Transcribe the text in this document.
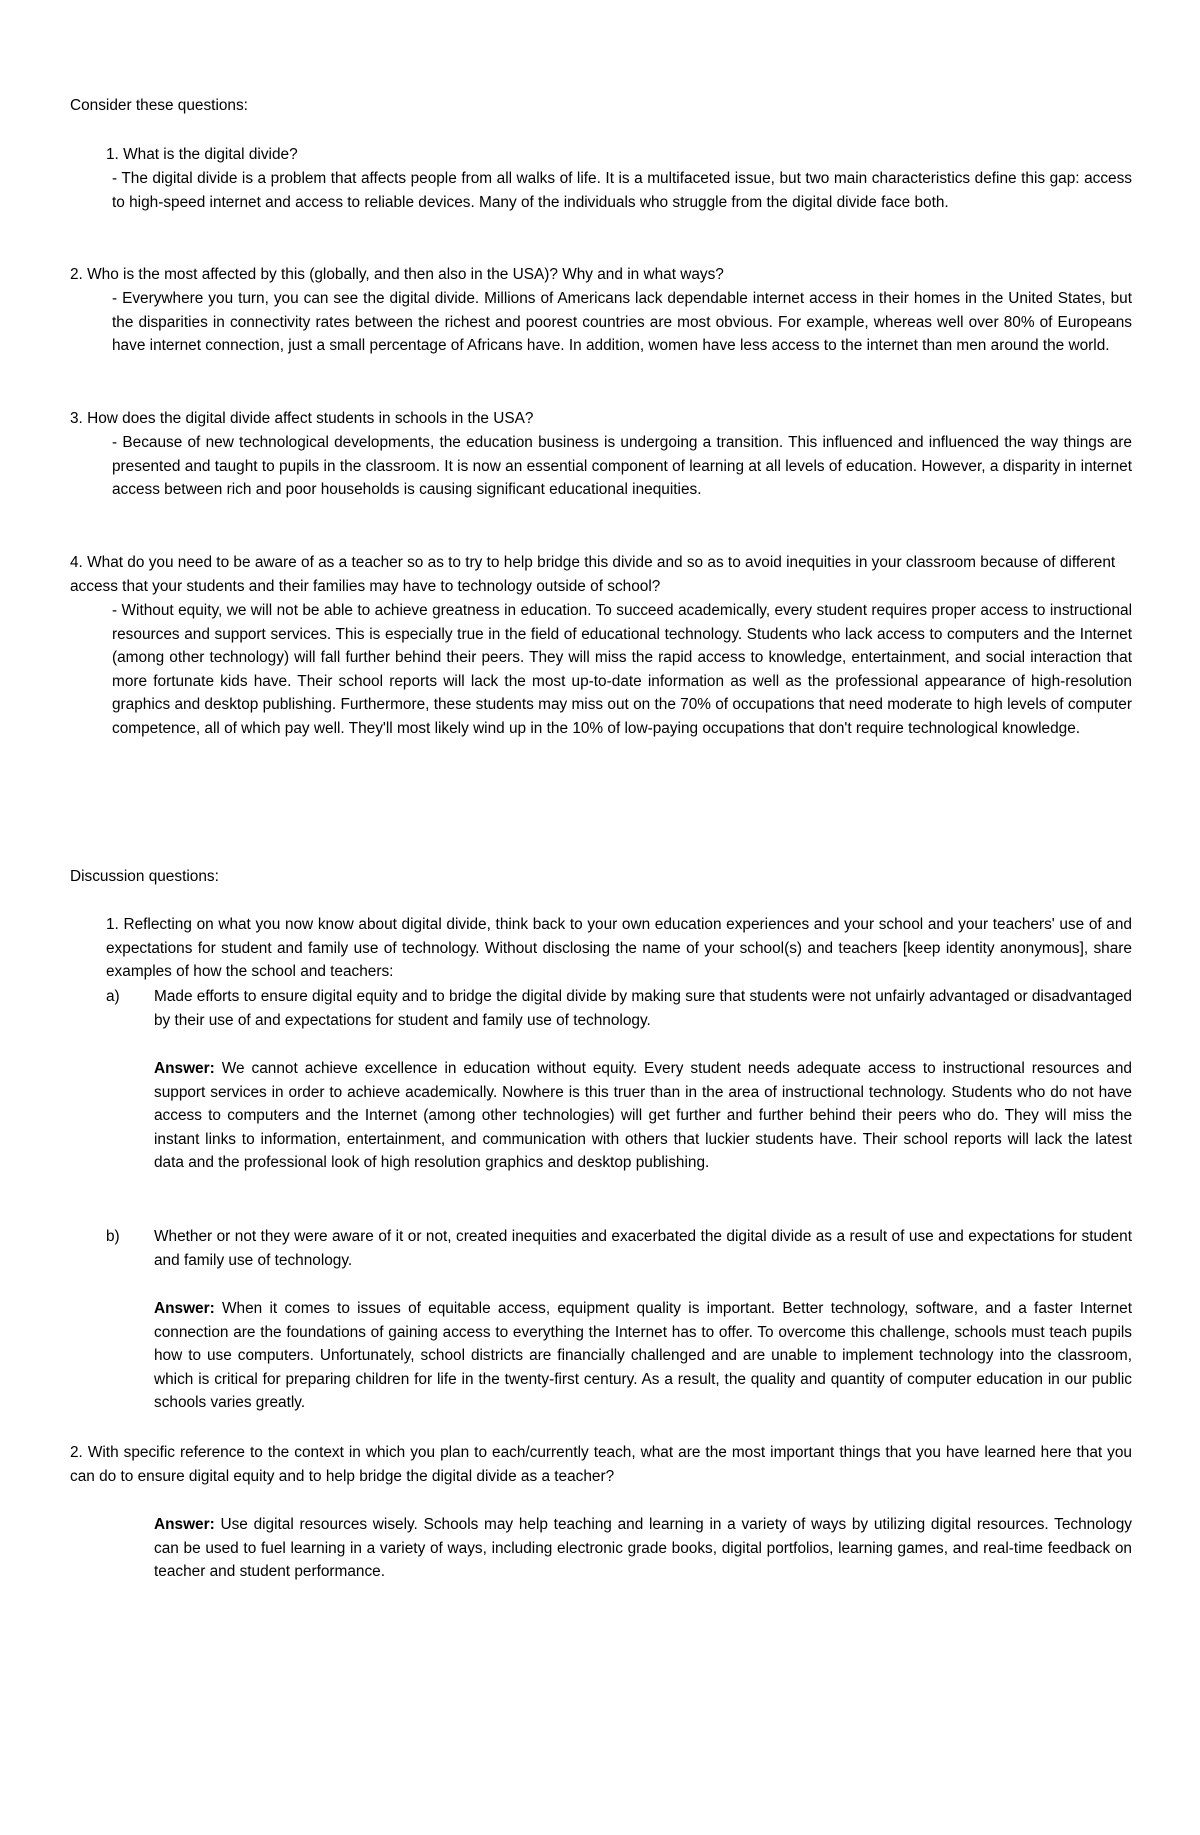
Consider these questions:

1. What is the digital divide?

- The digital divide is a problem that affects people from all walks of life. It is a multifaceted issue, but two main characteristics define this gap: access to high-speed internet and access to reliable devices. Many of the individuals who struggle from the digital divide face both.

2. Who is the most affected by this (globally, and then also in the USA)? Why and in what ways?

- Everywhere you turn, you can see the digital divide. Millions of Americans lack dependable internet access in their homes in the United States, but the disparities in connectivity rates between the richest and poorest countries are most obvious. For example, whereas well over 80% of Europeans have internet connection, just a small percentage of Africans have. In addition, women have less access to the internet than men around the world.

3. How does the digital divide affect students in schools in the USA?

- Because of new technological developments, the education business is undergoing a transition. This influenced and influenced the way things are presented and taught to pupils in the classroom. It is now an essential component of learning at all levels of education. However, a disparity in internet access between rich and poor households is causing significant educational inequities.

4. What do you need to be aware of as a teacher so as to try to help bridge this divide and so as to avoid inequities in your classroom because of different access that your students and their families may have to technology outside of school?

- Without equity, we will not be able to achieve greatness in education. To succeed academically, every student requires proper access to instructional resources and support services. This is especially true in the field of educational technology. Students who lack access to computers and the Internet (among other technology) will fall further behind their peers. They will miss the rapid access to knowledge, entertainment, and social interaction that more fortunate kids have. Their school reports will lack the most up-to-date information as well as the professional appearance of high-resolution graphics and desktop publishing. Furthermore, these students may miss out on the 70% of occupations that need moderate to high levels of computer competence, all of which pay well. They'll most likely wind up in the 10% of low-paying occupations that don't require technological knowledge.

Discussion questions:

1. Reflecting on what you now know about digital divide, think back to your own education experiences and your school and your teachers' use of and expectations for student and family use of technology. Without disclosing the name of your school(s) and teachers [keep identity anonymous], share examples of how the school and teachers:

a) Made efforts to ensure digital equity and to bridge the digital divide by making sure that students were not unfairly advantaged or disadvantaged by their use of and expectations for student and family use of technology.

Answer: We cannot achieve excellence in education without equity. Every student needs adequate access to instructional resources and support services in order to achieve academically. Nowhere is this truer than in the area of instructional technology. Students who do not have access to computers and the Internet (among other technologies) will get further and further behind their peers who do. They will miss the instant links to information, entertainment, and communication with others that luckier students have. Their school reports will lack the latest data and the professional look of high resolution graphics and desktop publishing.

b) Whether or not they were aware of it or not, created inequities and exacerbated the digital divide as a result of use and expectations for student and family use of technology.

Answer: When it comes to issues of equitable access, equipment quality is important. Better technology, software, and a faster Internet connection are the foundations of gaining access to everything the Internet has to offer. To overcome this challenge, schools must teach pupils how to use computers. Unfortunately, school districts are financially challenged and are unable to implement technology into the classroom, which is critical for preparing children for life in the twenty-first century. As a result, the quality and quantity of computer education in our public schools varies greatly.

2. With specific reference to the context in which you plan to each/currently teach, what are the most important things that you have learned here that you can do to ensure digital equity and to help bridge the digital divide as a teacher?

Answer: Use digital resources wisely. Schools may help teaching and learning in a variety of ways by utilizing digital resources. Technology can be used to fuel learning in a variety of ways, including electronic grade books, digital portfolios, learning games, and real-time feedback on teacher and student performance.
